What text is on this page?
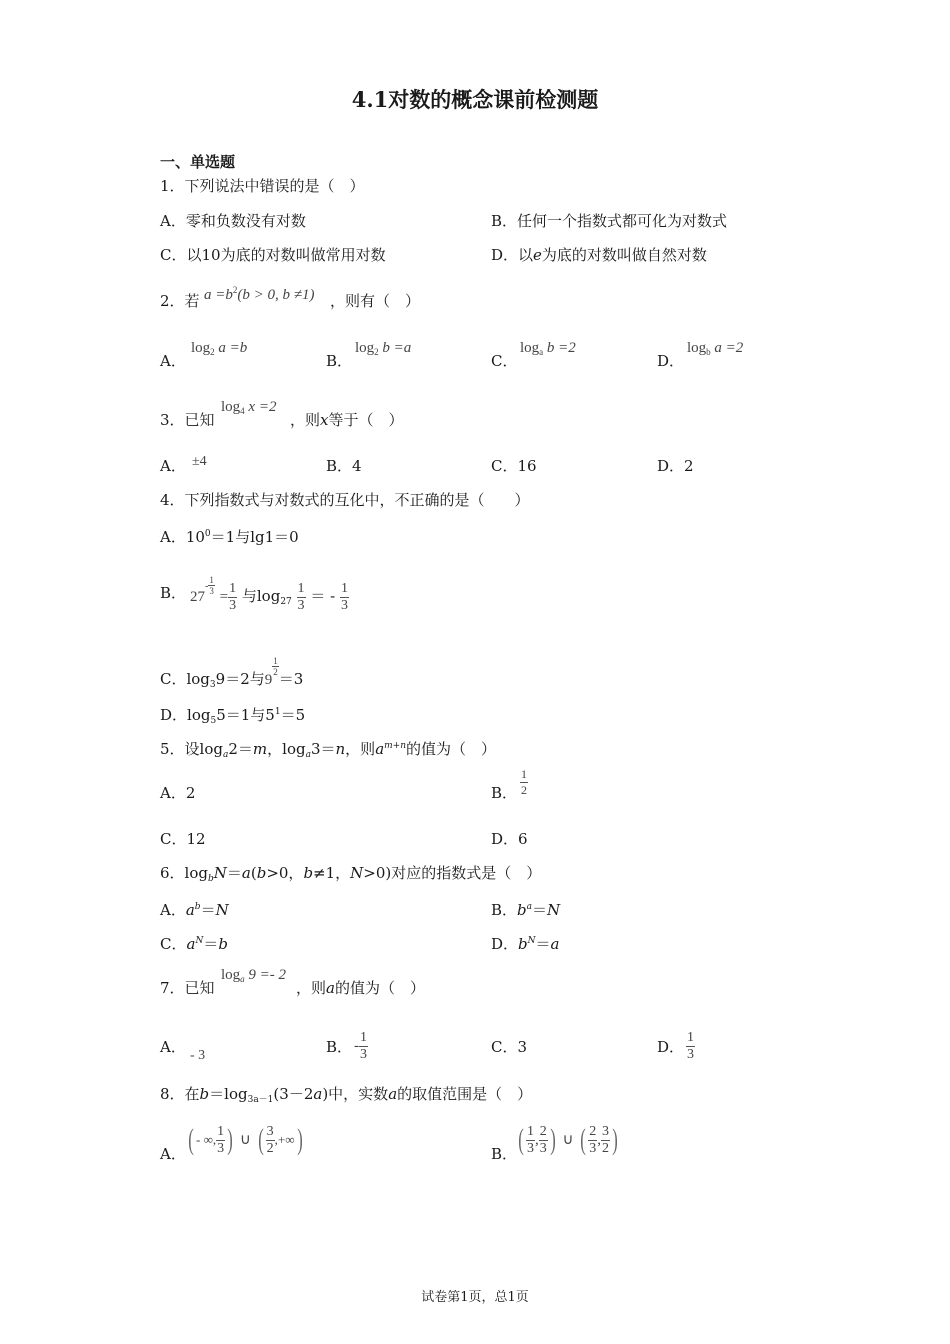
4.1对数的概念课前检测题
一、单选题
1．下列说法中错误的是（　）
A．零和负数没有对数	B．任何一个指数式都可化为对数式
C．以10为底的对数叫做常用对数	D．以e为底的对数叫做自然对数
2．若 $a =b^2(b > 0$, b ≠1) ，则有（　）
A．
$\log_2 a =b$
B．
$\log_2 b =a$
C．
$\log_a b =2$
D．
$\log_b a =2$
3．已知
$\log_4 x =2$
，则x等于（　）
A． ±4	B．4	C．16	D．2
4．下列指数式与对数式的互化中，不正确的是（　　）
A．$10^0=1$与lg1＝0
B． $27- \frac{1}{3}$
= $\frac{1}{3}$ 与$\log_{27} \frac{1}{3}$ ＝ - $\frac{1}{3}$
C．$\log_39=2$与9
$\frac{1}{2}$
＝3
D．$\log_55=1$与$5^1=5$
5．设$\log_a2=m$，$\log_a3=n$，则$a^{m+n}$的值为（　）
A．2	B． $\frac{1}{2}$
C．12	D．6
6．$\log_bN=a(b>0$，b≠1，N>0)对应的指数式是（　）
A．$a^b=N$	B．$b^a=N$
C．$a^N=b$	D．$b^N=a$
7．已知
$\log_a 9 =- 2$
，则a的值为（　）
A． - 3	B． - $\frac{1}{3}$	C．3	D． $\frac{1}{3}$
8．在$b=\log_{3a-1}(3-2a)$中，实数a的取值范围是（　）
A． ( - ∞, $\frac{1}{3}$ ) ∪ ( $\frac{3}{2}$ ,+∞)	B． ( $\frac{1}{3}$ , $\frac{2}{3}$ ) ∪ ( $\frac{2}{3}$ , $\frac{3}{2}$ )
试卷第1页，总1页
